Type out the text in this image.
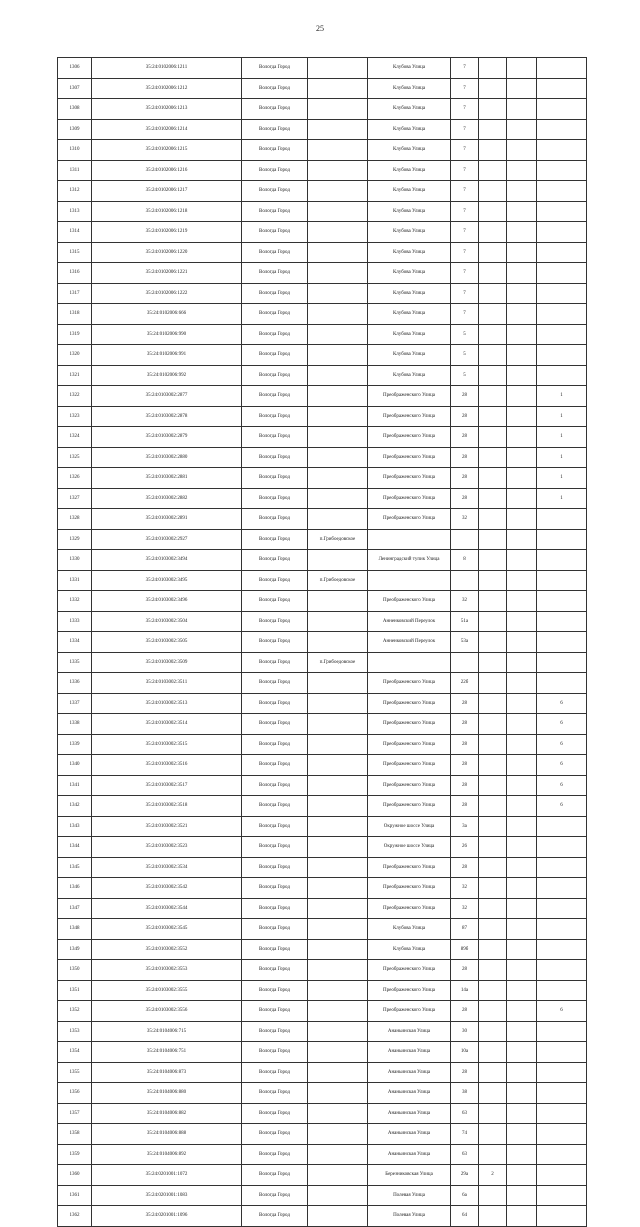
25
1306	35:24:0102006:1211	Вологда Город		Клубова Улица	7			
1307	35:24:0102006:1212	Вологда Город		Клубова Улица	7			
1308	35:24:0102006:1213	Вологда Город		Клубова Улица	7			
1309	35:24:0102006:1214	Вологда Город		Клубова Улица	7			
1310	35:24:0102006:1215	Вологда Город		Клубова Улица	7			
1311	35:24:0102006:1216	Вологда Город		Клубова Улица	7			
1312	35:24:0102006:1217	Вологда Город		Клубова Улица	7			
1313	35:24:0102006:1218	Вологда Город		Клубова Улица	7			
1314	35:24:0102006:1219	Вологда Город		Клубова Улица	7			
1315	35:24:0102006:1220	Вологда Город		Клубова Улица	7			
1316	35:24:0102006:1221	Вологда Город		Клубова Улица	7			
1317	35:24:0102006:1222	Вологда Город		Клубова Улица	7			
1318	35:24:0102006:666	Вологда Город		Клубова Улица	7			
1319	35:24:0102006:990	Вологда Город		Клубова Улица	5			
1320	35:24:0102006:991	Вологда Город		Клубова Улица	5			
1321	35:24:0102006:992	Вологда Город		Клубова Улица	5			
1322	35:24:0103002:2877	Вологда Город		Преображенского Улица	28			1
1323	35:24:0103002:2878	Вологда Город		Преображенского Улица	28			1
1324	35:24:0103002:2879	Вологда Город		Преображенского Улица	28			1
1325	35:24:0103002:2880	Вологда Город		Преображенского Улица	28			1
1326	35:24:0103002:2881	Вологда Город		Преображенского Улица	28			1
1327	35:24:0103002:2882	Вологда Город		Преображенского Улица	28			1
1328	35:24:0103002:2891	Вологда Город		Преображенского Улица	32			
1329	35:24:0103002:2927	Вологда Город	п.Грибоедовское					
1330	35:24:0103002:3494	Вологда Город		Ленинградский тупик Улица	8			
1331	35:24:0103002:3495	Вологда Город	п.Грибоедовское					
1332	35:24:0103002:3496	Вологда Город		Преображенского Улица	32			
1333	35:24:0103002:3504	Вологда Город		Анненковский Переулок	51а			
1334	35:24:0103002:3505	Вологда Город		Анненковский Переулок	53а			
1335	35:24:0103002:3509	Вологда Город	п.Грибоедовское					
1336	35:24:0103002:3511	Вологда Город		Преображенского Улица	22б			
1337	35:24:0103002:3513	Вологда Город		Преображенского Улица	28			6
1338	35:24:0103002:3514	Вологда Город		Преображенского Улица	28			6
1339	35:24:0103002:3515	Вологда Город		Преображенского Улица	28			6
1340	35:24:0103002:3516	Вологда Город		Преображенского Улица	28			6
1341	35:24:0103002:3517	Вологда Город		Преображенского Улица	28			6
1342	35:24:0103002:3518	Вологда Город		Преображенского Улица	28			6
1343	35:24:0103002:3521	Вологда Город		Окружное шоссе Улица	3а			
1344	35:24:0103002:3523	Вологда Город		Окружное шоссе Улица	26			
1345	35:24:0103002:3534	Вологда Город		Преображенского Улица	28			
1346	35:24:0103002:3542	Вологда Город		Преображенского Улица	32			
1347	35:24:0103002:3544	Вологда Город		Преображенского Улица	32			
1348	35:24:0103002:3545	Вологда Город		Клубова Улица	87			
1349	35:24:0103002:3552	Вологда Город		Клубова Улица	89б			
1350	35:24:0103002:3553	Вологда Город		Преображенского Улица	28			
1351	35:24:0103002:3555	Вологда Город		Преображенского Улица	14а			
1352	35:24:0103002:3556	Вологда Город		Преображенского Улица	28			6
1353	35:24:0104006:715	Вологда Город		Ананьинская Улица	30			
1354	35:24:0104006:751	Вологда Город		Ананьинская Улица	10а			
1355	35:24:0104006:873	Вологда Город		Ананьинская Улица	28			
1356	35:24:0104006:880	Вологда Город		Ананьинская Улица	38			
1357	35:24:0104006:882	Вологда Город		Ананьинская Улица	63			
1358	35:24:0104006:888	Вологда Город		Ананьинская Улица	74			
1359	35:24:0104006:892	Вологда Город		Ананьинская Улица	63			
1360	35:24:0201001:1072	Вологда Город		Березниковская Улица	29а	2		
1361	35:24:0201001:1083	Вологда Город		Полевая Улица	6а			
1362	35:24:0201001:1096	Вологда Город		Полевая Улица	64			
